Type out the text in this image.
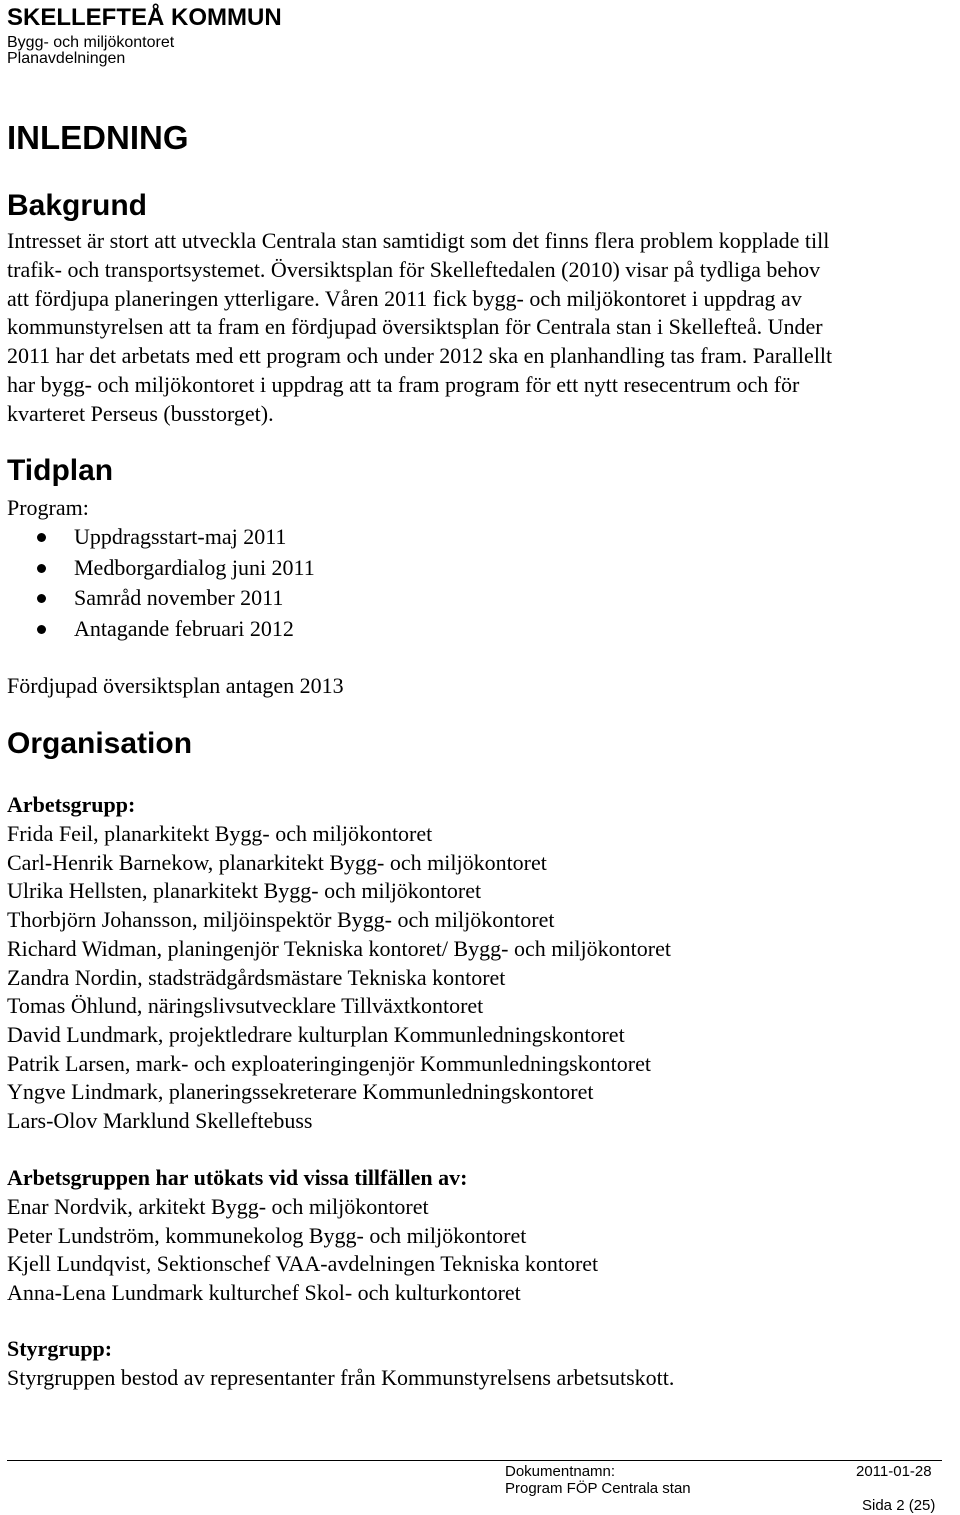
SKELLEFTEÅ KOMMUN

Bygg- och miljökontoret

Planavdelningen

INLEDNING
Bakgrund
Intresset är stort att utveckla Centrala stan samtidigt som det finns flera problem kopplade till
trafik- och transportsystemet. Översiktsplan för Skelleftedalen (2010) visar på tydliga behov
att fördjupa planeringen ytterligare. Våren 2011 fick bygg- och miljökontoret i uppdrag av
kommunstyrelsen att ta fram en fördjupad översiktsplan för Centrala stan i Skellefteå. Under
2011 har det arbetats med ett program och under 2012 ska en planhandling tas fram. Parallellt
har bygg- och miljökontoret i uppdrag att ta fram program för ett nytt resecentrum och för
kvarteret Perseus (busstorget).
Tidplan

Program:

Uppdragsstart-maj 2011
Medborgardialog juni 2011
Samråd november 2011
Antagande februari 2012

Fördjupad översiktsplan antagen 2013

Organisation

Arbetsgrupp:

Frida Feil, planarkitekt Bygg- och miljökontoret
Carl-Henrik Barnekow, planarkitekt Bygg- och miljökontoret
Ulrika Hellsten, planarkitekt Bygg- och miljökontoret
Thorbjörn Johansson, miljöinspektör Bygg- och miljökontoret
Richard Widman, planingenjör Tekniska kontoret/ Bygg- och miljökontoret
Zandra Nordin, stadsträdgårdsmästare Tekniska kontoret
Tomas Öhlund, näringslivsutvecklare Tillväxtkontoret
David Lundmark, projektledrare kulturplan Kommunledningskontoret
Patrik Larsen, mark- och exploateringingenjör Kommunledningskontoret
Yngve Lindmark, planeringssekreterare Kommunledningskontoret
Lars-Olov Marklund Skelleftebuss

Arbetsgruppen har utökats vid vissa tillfällen av:

Enar Nordvik, arkitekt Bygg- och miljökontoret
Peter Lundström, kommunekolog Bygg- och miljökontoret
Kjell Lundqvist, Sektionschef VAA-avdelningen Tekniska kontoret
Anna-Lena Lundmark kulturchef Skol- och kulturkontoret

Styrgrupp:

Styrgruppen bestod av representanter från Kommunstyrelsens arbetsutskott.

Dokumentnamn:

Program FÖP Centrala stan

2011-01-28

Sida 2 (25)
